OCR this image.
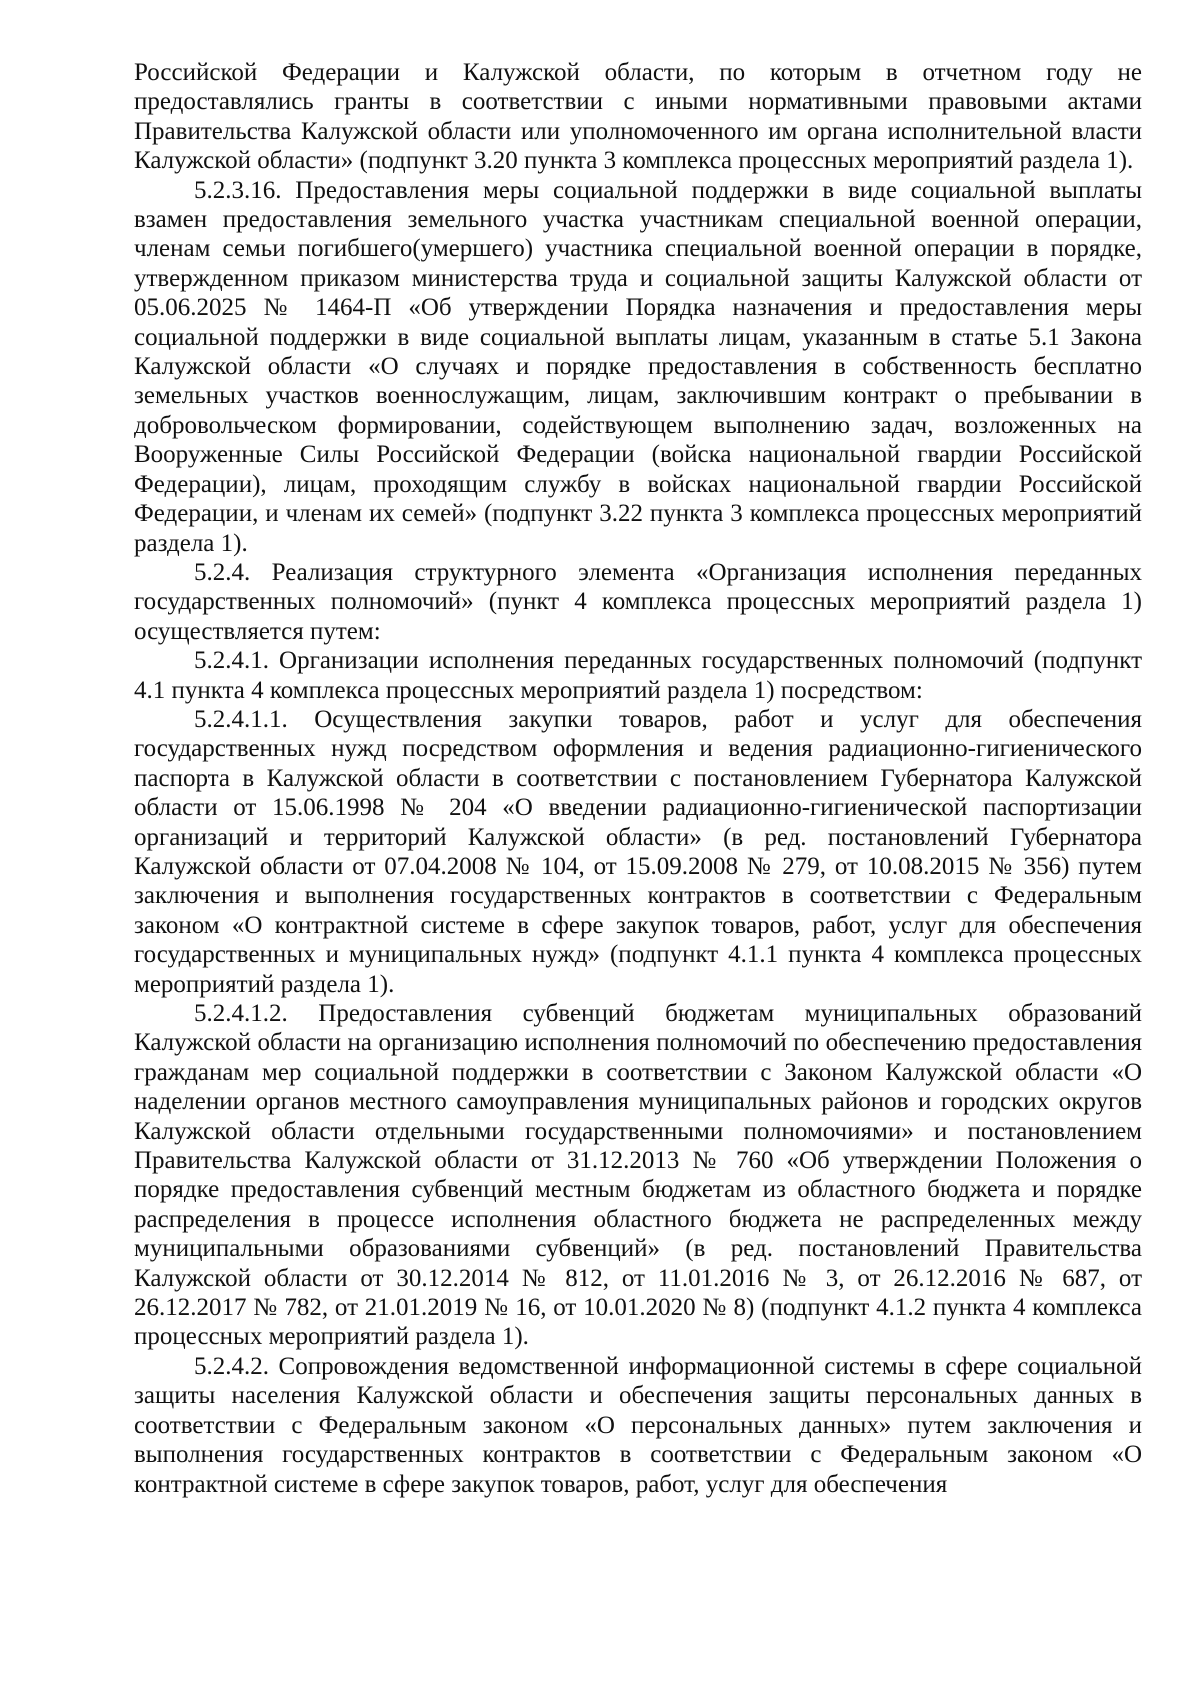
Российской Федерации и Калужской области, по которым в отчетном году не предоставлялись гранты в соответствии с иными нормативными правовыми актами Правительства Калужской области или уполномоченного им органа исполнительной власти Калужской области» (подпункт 3.20 пункта 3 комплекса процессных мероприятий раздела 1).

5.2.3.16. Предоставления меры социальной поддержки в виде социальной выплаты взамен предоставления земельного участка участникам специальной военной операции, членам семьи погибшего(умершего) участника специальной военной операции в порядке, утвержденном приказом министерства труда и социальной защиты Калужской области от 05.06.2025 № 1464-П «Об утверждении Порядка назначения и предоставления меры социальной поддержки в виде социальной выплаты лицам, указанным в статье 5.1 Закона Калужской области «О случаях и порядке предоставления в собственность бесплатно земельных участков военнослужащим, лицам, заключившим контракт о пребывании в добровольческом формировании, содействующем выполнению задач, возложенных на Вооруженные Силы Российской Федерации (войска национальной гвардии Российской Федерации), лицам, проходящим службу в войсках национальной гвардии Российской Федерации, и членам их семей» (подпункт 3.22 пункта 3 комплекса процессных мероприятий раздела 1).

5.2.4. Реализация структурного элемента «Организация исполнения переданных государственных полномочий» (пункт 4 комплекса процессных мероприятий раздела 1) осуществляется путем:

5.2.4.1. Организации исполнения переданных государственных полномочий (подпункт 4.1 пункта 4 комплекса процессных мероприятий раздела 1) посредством:

5.2.4.1.1. Осуществления закупки товаров, работ и услуг для обеспечения государственных нужд посредством оформления и ведения радиационно-гигиенического паспорта в Калужской области в соответствии с постановлением Губернатора Калужской области от 15.06.1998 № 204 «О введении радиационно-гигиенической паспортизации организаций и территорий Калужской области» (в ред. постановлений Губернатора Калужской области от 07.04.2008 № 104, от 15.09.2008 № 279, от 10.08.2015 № 356) путем заключения и выполнения государственных контрактов в соответствии с Федеральным законом «О контрактной системе в сфере закупок товаров, работ, услуг для обеспечения государственных и муниципальных нужд» (подпункт 4.1.1 пункта 4 комплекса процессных мероприятий раздела 1).

5.2.4.1.2. Предоставления субвенций бюджетам муниципальных образований Калужской области на организацию исполнения полномочий по обеспечению предоставления гражданам мер социальной поддержки в соответствии с Законом Калужской области «О наделении органов местного самоуправления муниципальных районов и городских округов Калужской области отдельными государственными полномочиями» и постановлением Правительства Калужской области от 31.12.2013 № 760 «Об утверждении Положения о порядке предоставления субвенций местным бюджетам из областного бюджета и порядке распределения в процессе исполнения областного бюджета не распределенных между муниципальными образованиями субвенций» (в ред. постановлений Правительства Калужской области от 30.12.2014 № 812, от 11.01.2016 № 3, от 26.12.2016 № 687, от 26.12.2017 № 782, от 21.01.2019 № 16, от 10.01.2020 № 8) (подпункт 4.1.2 пункта 4 комплекса процессных мероприятий раздела 1).

5.2.4.2. Сопровождения ведомственной информационной системы в сфере социальной защиты населения Калужской области и обеспечения защиты персональных данных в соответствии с Федеральным законом «О персональных данных» путем заключения и выполнения государственных контрактов в соответствии с Федеральным законом «О контрактной системе в сфере закупок товаров, работ, услуг для обеспечения
